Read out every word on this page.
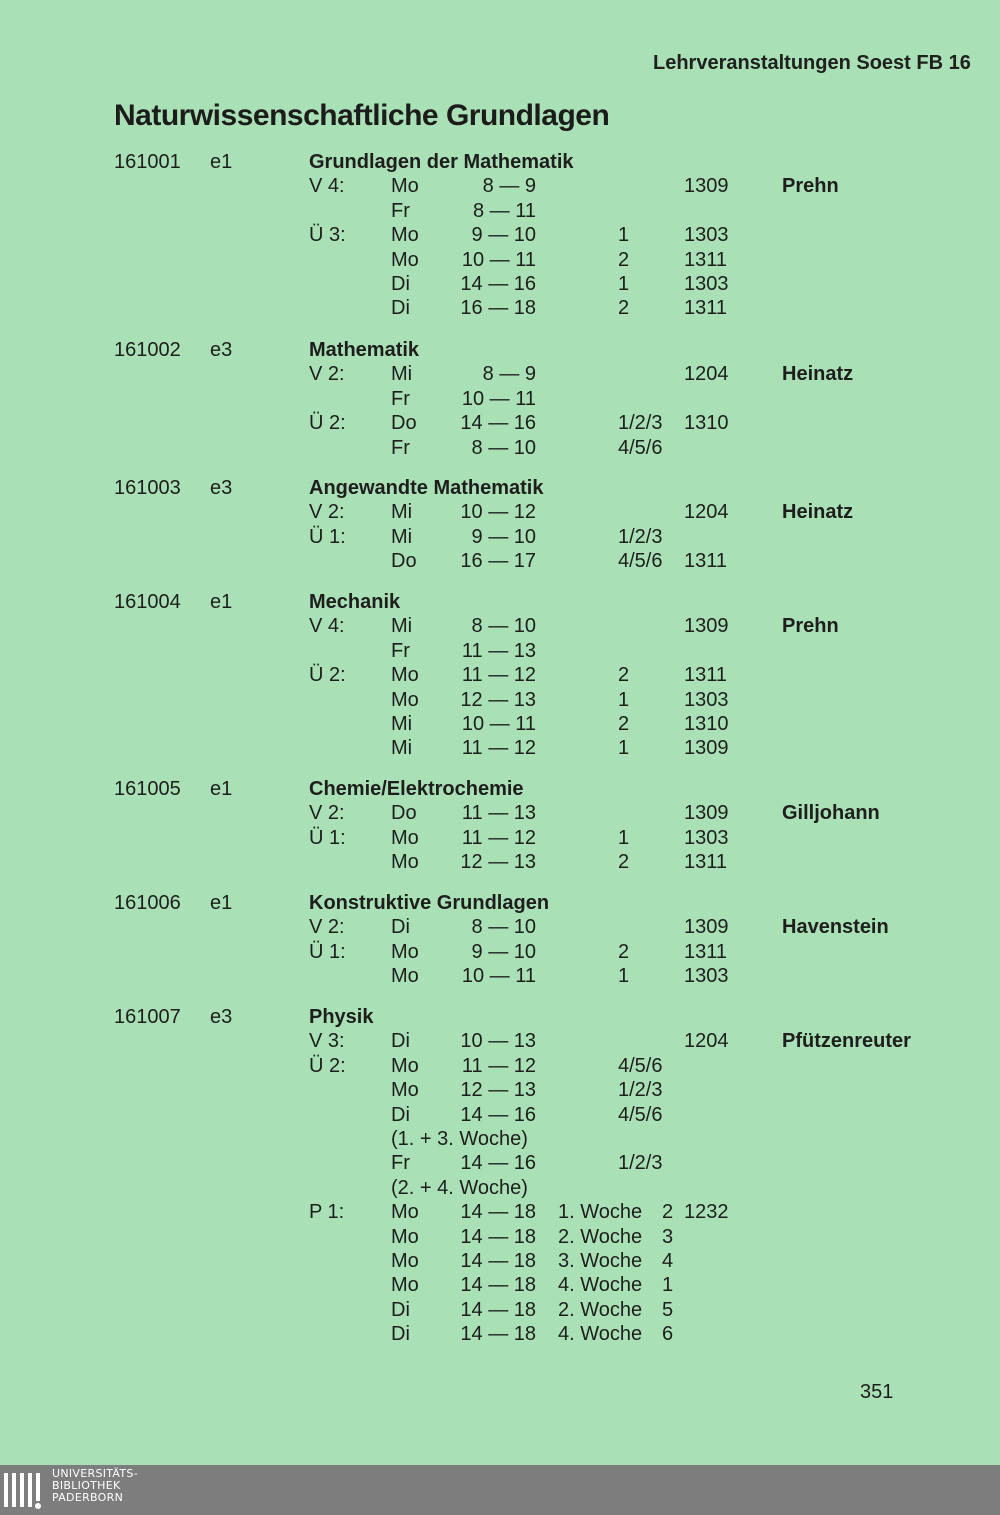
Lehrveranstaltungen Soest FB 16
Naturwissenschaftliche Grundlagen
161001 e1	Grundlagen der Mathematik
V 4: Mo	8 — 9	1309	Prehn
Fr	8 — 11
Ü 3: Mo	9 — 10	1	1303
Mo	10 — 11	2	1311
Di	14 — 16	1	1303
Di	16 — 18	2	1311
161002 e3	Mathematik
V 2: Mi	8 — 9	1204	Heinatz
Fr	10 — 11
Ü 2: Do	14 — 16	1/2/3 1310
Fr	8 — 10	4/5/6
161003 e3	Angewandte Mathematik
V 2: Mi	10 — 12	1204	Heinatz
Ü 1: Mi	9 — 10	1/2/3
Do	16 — 17	4/5/6 1311
161004 e1	Mechanik
V 4: Mi	8 — 10	1309	Prehn
Fr	11 — 13
Ü 2: Mo	11 — 12	2	1311
Mo	12 — 13	1	1303
Mi	10 — 11	2	1310
Mi	11 — 12	1	1309
161005 e1	Chemie/Elektrochemie
V 2: Do	11 — 13	1309	Gilljohann
Ü 1: Mo	11 — 12	1	1303
Mo	12 — 13	2	1311
161006 e1	Konstruktive Grundlagen
V 2: Di	8 — 10	1309	Havenstein
Ü 1: Mo	9 — 10	2	1311
Mo	10 — 11	1	1303
161007 e3	Physik
V 3: Di	10 — 13	1204	Pfützenreuter
Ü 2: Mo	11 — 12	4/5/6
Mo	12 — 13	1/2/3
Di	14 — 16	4/5/6
(1. + 3. Woche)
Fr	14 — 16	1/2/3
(2. + 4. Woche)
P 1: Mo	14 — 18 1. Woche 2 1232
Mo	14 — 18 2. Woche 3
Mo	14 — 18 3. Woche 4
Mo	14 — 18 4. Woche 1
Di	14 — 18 2. Woche 5
Di	14 — 18 4. Woche 6
351
UNIVERSITÄTS-
BIBLIOTHEK
PADERBORN
